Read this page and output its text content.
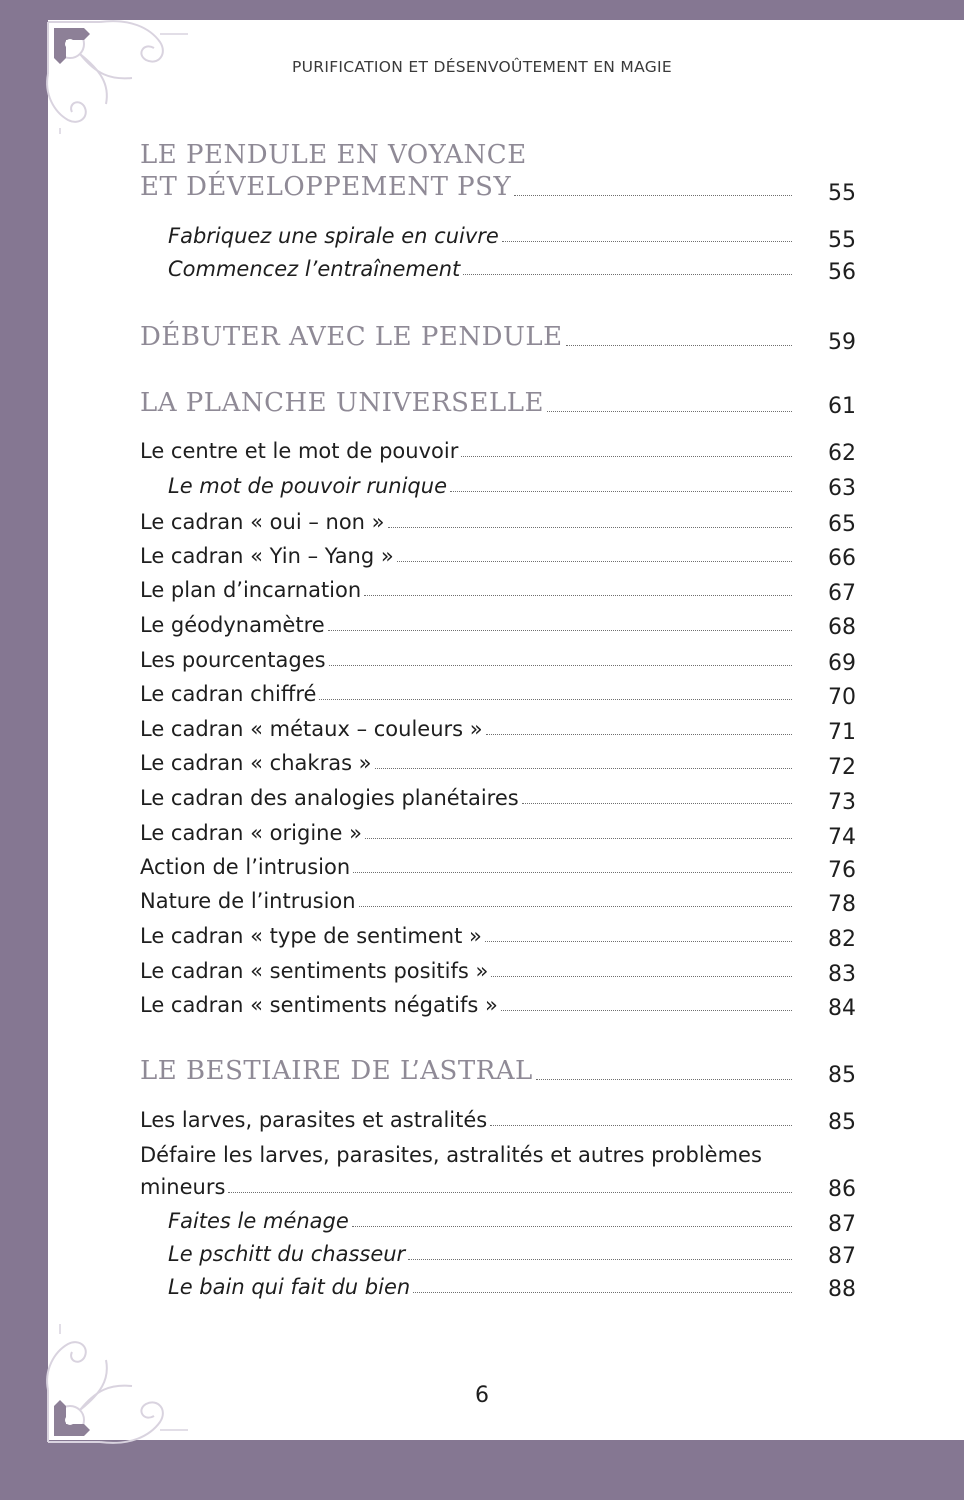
PURIFICATION ET DÉSENVOÛTEMENT EN MAGIE
LE PENDULE EN VOYANCE
ET DÉVELOPPEMENT PSY	55
Fabriquez une spirale en cuivre	55
Commencez l’entraînement	56
DÉBUTER AVEC LE PENDULE	59
LA PLANCHE UNIVERSELLE	61
Le centre et le mot de pouvoir	62
Le mot de pouvoir runique	63
Le cadran « oui – non »	65
Le cadran « Yin – Yang »	66
Le plan d’incarnation	67
Le géodynamètre	68
Les pourcentages	69
Le cadran chiffré	70
Le cadran « métaux – couleurs »	71
Le cadran « chakras »	72
Le cadran des analogies planétaires	73
Le cadran « origine »	74
Action de l’intrusion	76
Nature de l’intrusion	78
Le cadran « type de sentiment »	82
Le cadran « sentiments positifs »	83
Le cadran « sentiments négatifs »	84
LE BESTIAIRE DE L’ASTRAL	85
Les larves, parasites et astralités	85
Défaire les larves, parasites, astralités et autres problèmes
mineurs	86
Faites le ménage	87
Le pschitt du chasseur	87
Le bain qui fait du bien	88
6
